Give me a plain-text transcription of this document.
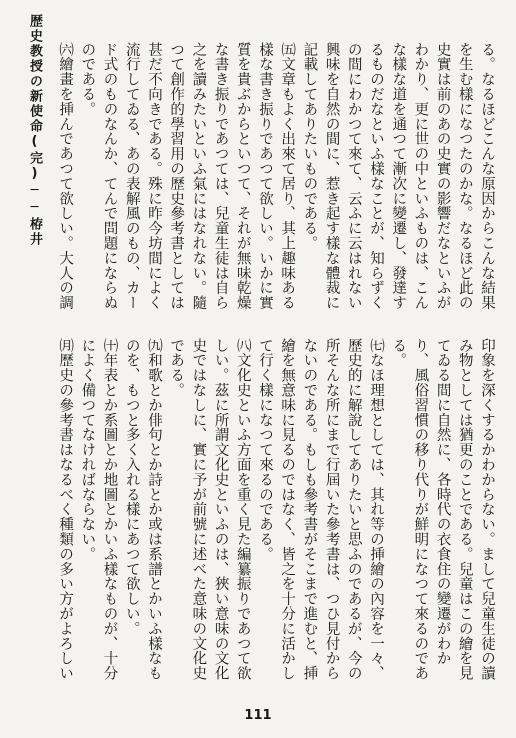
歴史教授の新使命(完)──栫井	る。なるほどこんな原因からこんな結果を生む樣になつたのかな。なるほど此の史實は前のあの史實の影響だなといふがわかり、更に世の中といふものは、こんな樣な道を通つて漸次に變遷し、發達するものだなといふ樣なことが、知らずくの間にわかつて來て、云ふに云はれない興味を自然の間に、惹き起す樣な體裁に記載してありたいものである。

㈤文章もよく出來て居り、其上趣味ある樣な書き振りであつて欲しい。いかに實質を貴ぶからといつて、それが無味乾燥な書き振りであつては、兒童生徒は自ら之を讀みたいといふ氣にはなれない。隨つて創作的學習用の歷史參考書としては甚だ不向きである。殊に昨今坊間によく流行してゐる、あの表解風のもの、カード式のものなんか、てんで問題にならぬのである。

㈥繪畫を挿んであつて欲しい。大人の調

印象を深くするかわからない。まして兒童生徒の讀み物としては猶更のことである。兒童はこの繪を見てゐる間に自然に、各時代の衣食住の變遷がわかり、風俗習慣の移り代りが鮮明になつて來るのである。

㈦なほ理想としては、其れ等の挿繪の內容を一々、歷史的に解說してありたいと思ふのであるが、今の所そんな所にまで行屆いた參考書は、つひ見付からないのである。もしも參考書がそこまで進むと、挿繪を無意味に見るのではなく、皆之を十分に活かして行く樣になつて來るのである。

㈧文化史といふ方面を重く見た編纂振りであつて欲しい。茲に所謂文化史といふのは、狹い意味の文化史ではなしに、實に予が前號に述べた意味の文化史である。

㈨和歌とか俳句とか詩とか或は系譜とかいふ樣なものを、もつと多く入れる樣にあつて欲しい。

㈩年表とか系圖とか地圖とかいふ樣なものが、十分によく備つてなければならない。

㈪歷史の參考書はなるべく種類の多い方がよろしい

111
